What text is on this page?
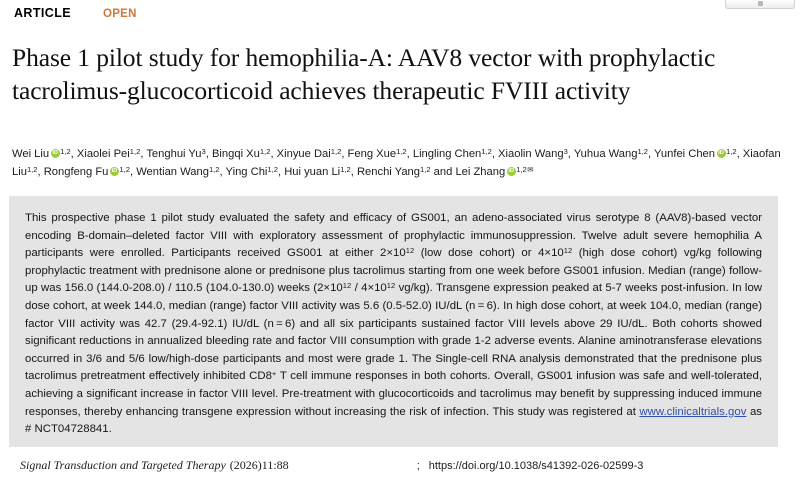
ARTICLE	OPEN
Phase 1 pilot study for hemophilia-A: AAV8 vector with prophylactic tacrolimus-glucocorticoid achieves therapeutic FVIII activity
Wei Liu iD $^{1,2}$, Xiaolei Pei$^{1,2}$, Tenghui Yu$^3$, Bingqi Xu$^{1,2}$, Xinyue Dai$^{1,2}$, Feng Xue$^{1,2}$, Lingling Chen$^{1,2}$, Xiaolin Wang$^3$, Yuhua Wang$^{1,2}$, Yunfei Chen iD $^{1,2}$, Xiaofan Liu$^{1,2}$, Rongfeng Fu iD $^{1,2}$, Wentian Wang$^{1,2}$, Ying Chi$^{1,2}$, Hui yuan Li$^{1,2}$, Renchi Yang$^{1,2}$ and Lei Zhang iD $^{1,2✉}$

This prospective phase 1 pilot study evaluated the safety and efficacy of GS001, an adeno-associated virus serotype 8 (AAV8)-based vector encoding B-domain–deleted factor VIII with exploratory assessment of prophylactic immunosuppression. Twelve adult severe hemophilia A participants were enrolled. Participants received GS001 at either $2\times 10^{12}$ (low dose cohort) or $4\times 10^{12}$ (high dose cohort) vg/kg following prophylactic treatment with prednisone alone or prednisone plus tacrolimus starting from one week before GS001 infusion. Median (range) follow-up was 156.0 (144.0-208.0) / 110.5 (104.0-130.0) weeks ($2\times 10^{12} / 4\times 10^{12}$ vg/kg). Transgene expression peaked at 5-7 weeks post-infusion. In low dose cohort, at week 144.0, median (range) factor VIII activity was 5.6 (0.5-52.0) IU/dL (n = 6). In high dose cohort, at week 104.0, median (range) factor VIII activity was 42.7 (29.4-92.1) IU/dL (n = 6) and all six participants sustained factor VIII levels above 29 IU/dL. Both cohorts showed significant reductions in annualized bleeding rate and factor VIII consumption with grade 1-2 adverse events. Alanine aminotransferase elevations occurred in 3/6 and 5/6 low/high-dose participants and most were grade 1. The Single-cell RNA analysis demonstrated that the prednisone plus tacrolimus pretreatment effectively inhibited CD8+ T cell immune responses in both cohorts. Overall, GS001 infusion was safe and well-tolerated, achieving a significant increase in factor VIII level. Pre-treatment with glucocorticoids and tacrolimus may benefit by suppressing induced immune responses, thereby enhancing transgene expression without increasing the risk of infection. This study was registered at www.clinicaltrials.gov as # NCT04728841.

Signal Transduction and Targeted Therapy (2026)11:88	; https://doi.org/10.1038/s41392-026-02599-3
